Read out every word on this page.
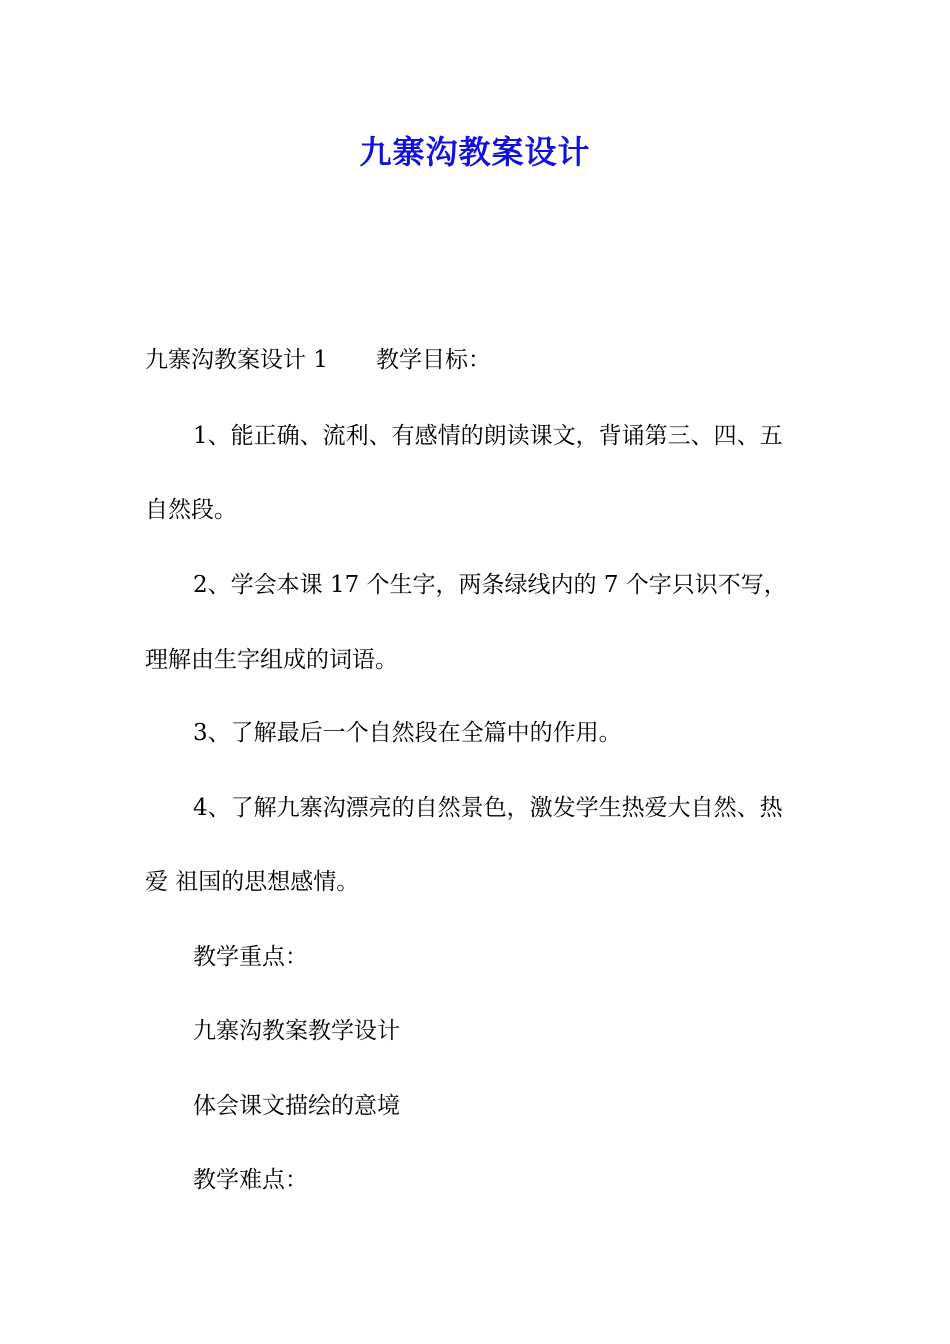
九寨沟教案设计
九寨沟教案设计 1 教学目标：
1、能正确、流利、有感情的朗读课文，背诵第三、四、五
自然段。
2、学会本课 17 个生字，两条绿线内的 7 个字只识不写，
理解由生字组成的词语。
3、了解最后一个自然段在全篇中的作用。
4、了解九寨沟漂亮的自然景色，激发学生热爱大自然、热
爱 祖国的思想感情。
教学重点：
九寨沟教案教学设计
体会课文描绘的意境
教学难点：
